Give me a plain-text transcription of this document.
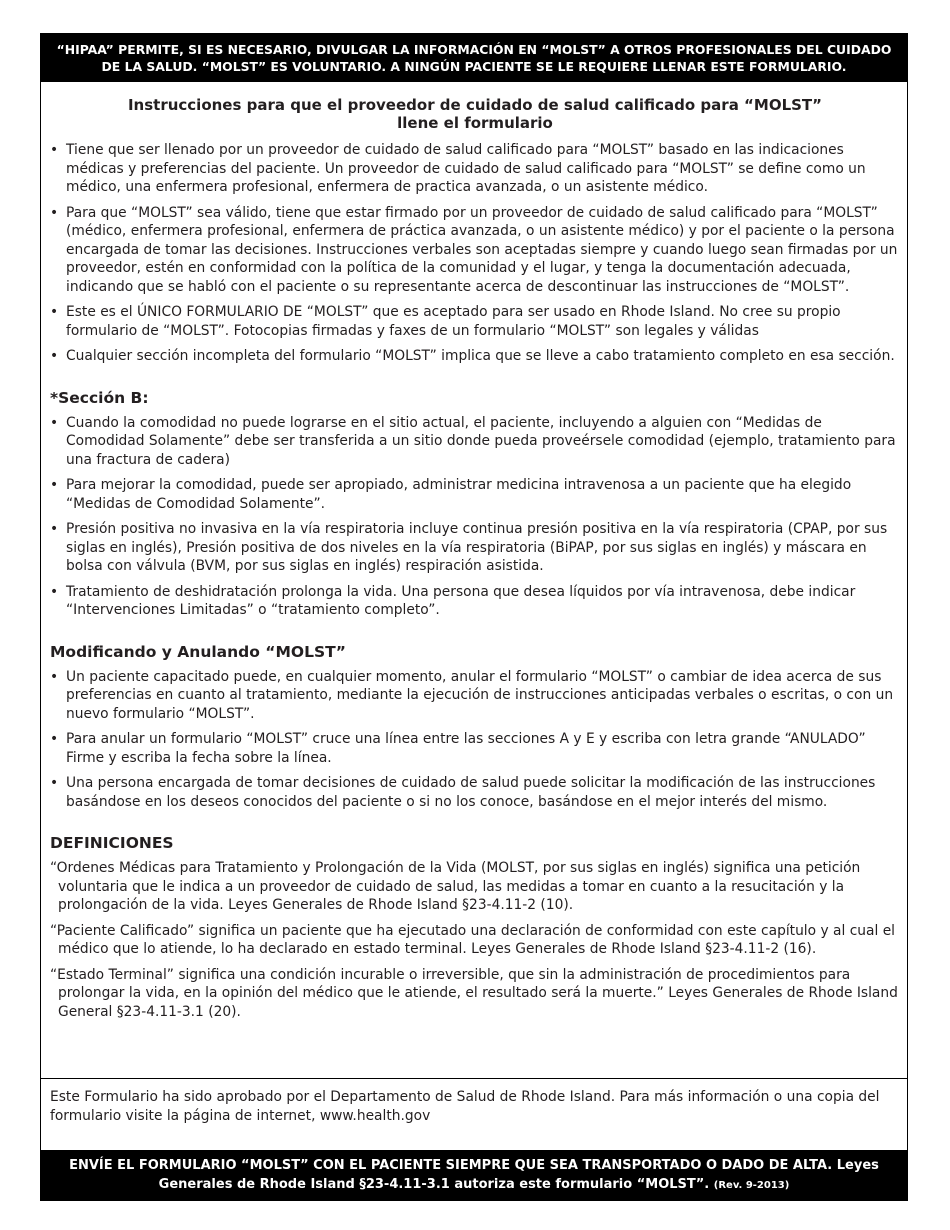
“HIPAA” PERMITE, SI ES NECESARIO, DIVULGAR LA INFORMACIÓN EN “MOLST” A OTROS PROFESIONALES DEL CUIDADO
DE LA SALUD. “MOLST” ES VOLUNTARIO. A NINGÚN PACIENTE SE LE REQUIERE LLENAR ESTE FORMULARIO.
Instrucciones para que el proveedor de cuidado de salud calificado para “MOLST”
llene el formulario
• Tiene que ser llenado por un proveedor de cuidado de salud calificado para “MOLST” basado en las indicaciones médicas y preferencias del paciente. Un proveedor de cuidado de salud calificado para “MOLST” se define como un médico, una enfermera profesional, enfermera de practica avanzada, o un asistente médico.
• Para que “MOLST” sea válido, tiene que estar firmado por un proveedor de cuidado de salud calificado para “MOLST” (médico, enfermera profesional, enfermera de práctica avanzada, o un asistente médico) y por el paciente o la persona encargada de tomar las decisiones. Instrucciones verbales son aceptadas siempre y cuando luego sean firmadas por un proveedor, estén en conformidad con la política de la comunidad y el lugar, y tenga la documentación adecuada, indicando que se habló con el paciente o su representante acerca de descontinuar las instrucciones de “MOLST”.
• Este es el ÚNICO FORMULARIO DE “MOLST” que es aceptado para ser usado en Rhode Island. No cree su propio formulario de “MOLST”. Fotocopias firmadas y faxes de un formulario “MOLST” son legales y válidas
• Cualquier sección incompleta del formulario “MOLST” implica que se lleve a cabo tratamiento completo en esa sección.
*Sección B:
• Cuando la comodidad no puede lograrse en el sitio actual, el paciente, incluyendo a alguien con “Medidas de Comodidad Solamente” debe ser transferida a un sitio donde pueda proveérsele comodidad (ejemplo, tratamiento para una fractura de cadera)
• Para mejorar la comodidad, puede ser apropiado, administrar medicina intravenosa a un paciente que ha elegido “Medidas de Comodidad Solamente”.
• Presión positiva no invasiva en la vía respiratoria incluye continua presión positiva en la vía respiratoria (CPAP, por sus siglas en inglés), Presión positiva de dos niveles en la vía respiratoria (BiPAP, por sus siglas en inglés) y máscara en bolsa con válvula (BVM, por sus siglas en inglés) respiración asistida.
• Tratamiento de deshidratación prolonga la vida. Una persona que desea líquidos por vía intravenosa, debe indicar “Intervenciones Limitadas” o “tratamiento completo”.
Modificando y Anulando “MOLST”
• Un paciente capacitado puede, en cualquier momento, anular el formulario “MOLST” o cambiar de idea acerca de sus preferencias en cuanto al tratamiento, mediante la ejecución de instrucciones anticipadas verbales o escritas, o con un nuevo formulario “MOLST”.
• Para anular un formulario “MOLST” cruce una línea entre las secciones A y E y escriba con letra grande “ANULADO” Firme y escriba la fecha sobre la línea.
• Una persona encargada de tomar decisiones de cuidado de salud puede solicitar la modificación de las instrucciones basándose en los deseos conocidos del paciente o si no los conoce, basándose en el mejor interés del mismo.
DEFINICIONES

“Ordenes Médicas para Tratamiento y Prolongación de la Vida (MOLST, por sus siglas en inglés) significa una petición voluntaria que le indica a un proveedor de cuidado de salud, las medidas a tomar en cuanto a la resucitación y la prolongación de la vida. Leyes Generales de Rhode Island §23-4.11-2 (10).

“Paciente Calificado” significa un paciente que ha ejecutado una declaración de conformidad con este capítulo y al cual el médico que lo atiende, lo ha declarado en estado terminal. Leyes Generales de Rhode Island §23-4.11-2 (16).

“Estado Terminal” significa una condición incurable o irreversible, que sin la administración de procedimientos para prolongar la vida, en la opinión del médico que le atiende, el resultado será la muerte.” Leyes Generales de Rhode Island General §23-4.11-3.1 (20).

Este Formulario ha sido aprobado por el Departamento de Salud de Rhode Island. Para más información o una copia del formulario visite la página de internet, www.health.gov
ENVÍE EL FORMULARIO “MOLST” CON EL PACIENTE SIEMPRE QUE SEA TRANSPORTADO O DADO DE ALTA. Leyes
Generales de Rhode Island §23-4.11-3.1 autoriza este formulario “MOLST”. (Rev. 9-2013)
